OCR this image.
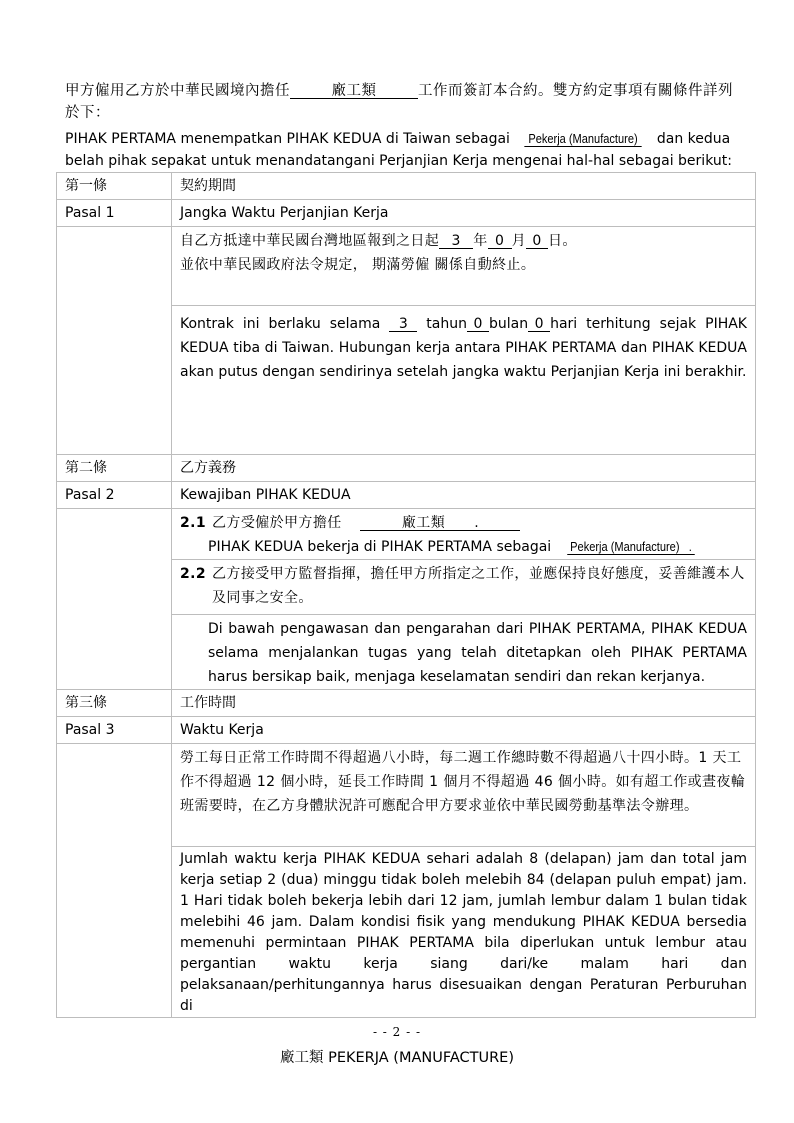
甲方僱用乙方於中華民國境內擔任	廠工類	工作而簽訂本合約。雙方約定事項有關條件詳列於下：
PIHAK PERTAMA menempatkan PIHAK KEDUA di Taiwan sebagai Pekerja (Manufacture) dan kedua belah pihak sepakat untuk menandatangani Perjanjian Kerja mengenai hal-hal sebagai berikut:
第一條	契約期間
Pasal 1	Jangka Waktu Perjanjian Kerja

	自乙方抵達中華民國台灣地區報到之日起 3 年 0 月 0 日。
並依中華民國政府法令規定， 期滿勞僱 關係自動終止。

	Kontrak ini berlaku selama 3 tahun 0 bulan 0 hari terhitung sejak PIHAK KEDUA tiba di Taiwan. Hubungan kerja antara PIHAK PERTAMA dan PIHAK KEDUA akan putus dengan sendirinya setelah jangka waktu Perjanjian Kerja ini berakhir.

第二條	乙方義務
Pasal 2	Kewajiban PIHAK KEDUA

	2.1 乙方受僱於甲方擔任 廠工類 .
PIHAK KEDUA bekerja di PIHAK PERTAMA sebagai Pekerja (Manufacture) .

	2.2 乙方接受甲方監督指揮，擔任甲方所指定之工作，並應保持良好態度，妥善維護本人及同事之安全。

	Di bawah pengawasan dan pengarahan dari PIHAK PERTAMA, PIHAK KEDUA selama menjalankan tugas yang telah ditetapkan oleh PIHAK PERTAMA harus bersikap baik, menjaga keselamatan sendiri dan rekan kerjanya.

第三條	工作時間
Pasal 3	Waktu Kerja

	勞工每日正常工作時間不得超過八小時，每二週工作總時數不得超過八十四小時。1 天工作不得超過 12 個小時，延長工作時間 1 個月不得超過 46 個小時。如有超工作或晝夜輪班需要時，在乙方身體狀況許可應配合甲方要求並依中華民國勞動基準法令辦理。

	Jumlah waktu kerja PIHAK KEDUA sehari adalah 8 (delapan) jam dan total jam kerja setiap 2 (dua) minggu tidak boleh melebih 84 (delapan puluh empat) jam. 1 Hari tidak boleh bekerja lebih dari 12 jam, jumlah lembur dalam 1 bulan tidak melebihi 46 jam. Dalam kondisi fisik yang mendukung PIHAK KEDUA bersedia memenuhi permintaan PIHAK PERTAMA bila diperlukan untuk lembur atau pergantian waktu kerja siang dari/ke malam hari dan pelaksanaan/perhitungannya harus disesuaikan dengan Peraturan Perburuhan di
- - 2 - -
廠工類 PEKERJA (MANUFACTURE)
